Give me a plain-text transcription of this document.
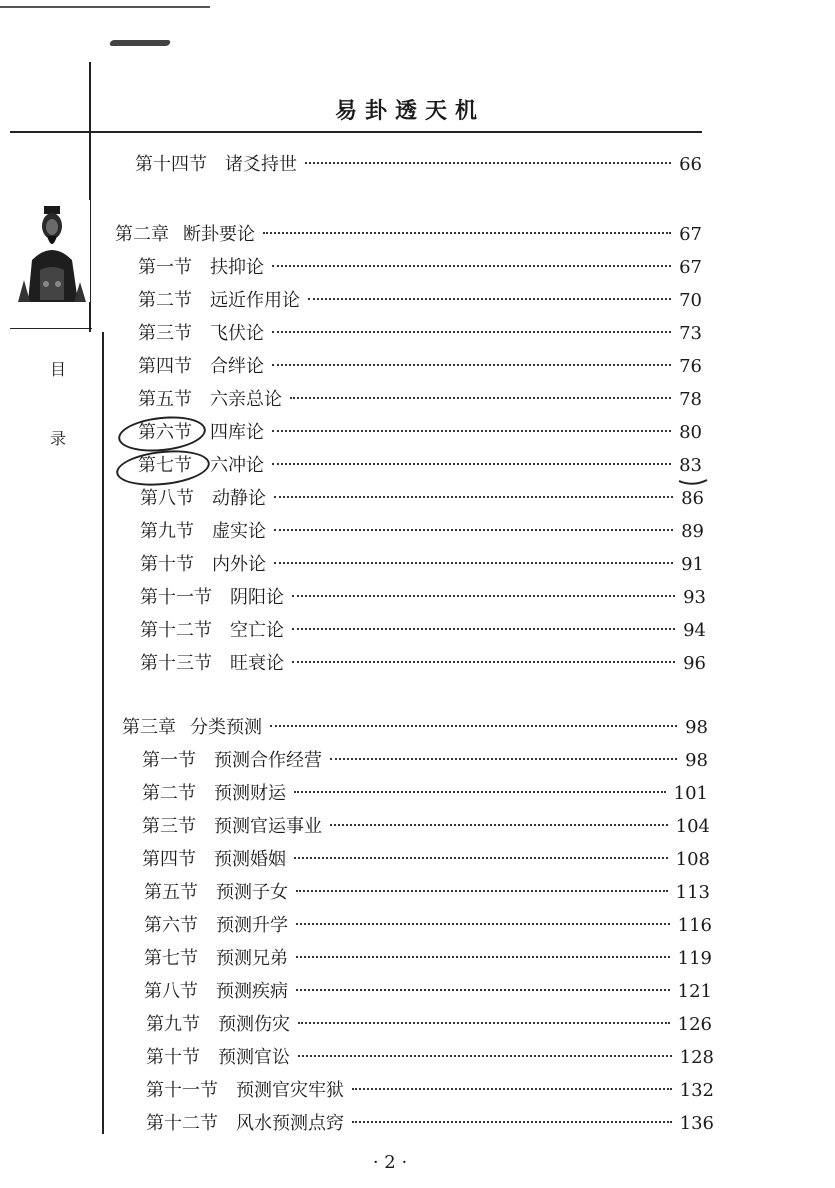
易卦透天机
目
录
第十四节 诸爻持世	66
第二章 断卦要论	67
第一节 扶抑论	67
第二节 远近作用论	70
第三节 飞伏论	73
第四节 合绊论	76
第五节 六亲总论	78
第六节 四库论	80
第七节 六冲论	83
第八节 动静论	86
第九节 虚实论	89
第十节 内外论	91
第十一节 阴阳论	93
第十二节 空亡论	94
第十三节 旺衰论	96
第三章 分类预测	98
第一节 预测合作经营	98
第二节 预测财运	101
第三节 预测官运事业	104
第四节 预测婚姻	108
第五节 预测子女	113
第六节 预测升学	116
第七节 预测兄弟	119
第八节 预测疾病	121
第九节 预测伤灾	126
第十节 预测官讼	128
第十一节 预测官灾牢狱	132
第十二节 风水预测点窍	136
· 2 ·
